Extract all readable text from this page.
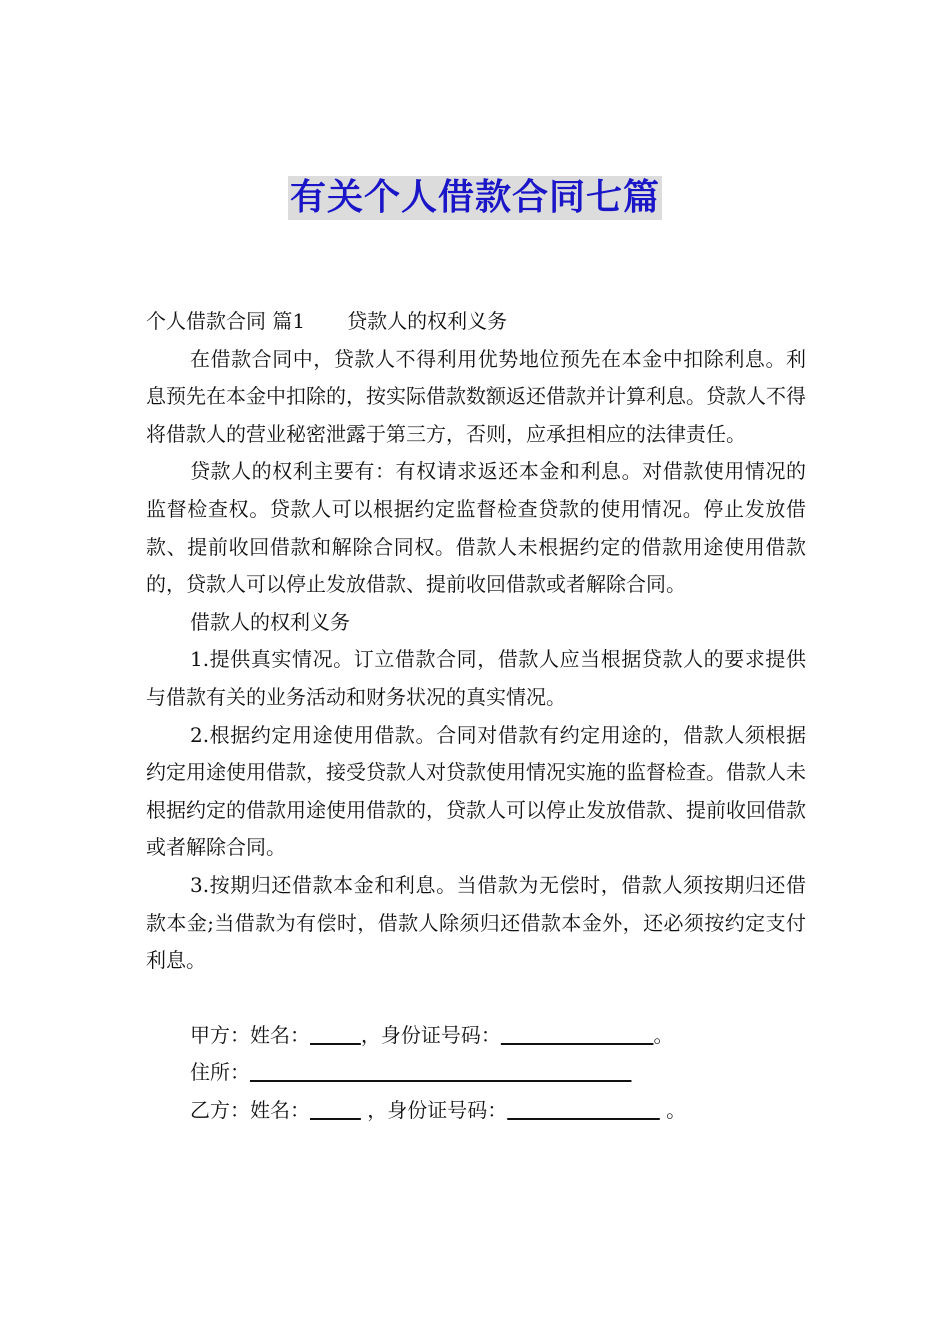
有关个人借款合同七篇

个人借款合同 篇1 贷款人的权利义务

在借款合同中，贷款人不得利用优势地位预先在本金中扣除利息。利息预先在本金中扣除的，按实际借款数额返还借款并计算利息。贷款人不得将借款人的营业秘密泄露于第三方，否则，应承担相应的法律责任。

贷款人的权利主要有：有权请求返还本金和利息。对借款使用情况的监督检查权。贷款人可以根据约定监督检查贷款的使用情况。停止发放借款、提前收回借款和解除合同权。借款人未根据约定的借款用途使用借款的，贷款人可以停止发放借款、提前收回借款或者解除合同。

借款人的权利义务

1.提供真实情况。订立借款合同，借款人应当根据贷款人的要求提供与借款有关的业务活动和财务状况的真实情况。

2.根据约定用途使用借款。合同对借款有约定用途的，借款人须根据约定用途使用借款，接受贷款人对贷款使用情况实施的监督检查。借款人未根据约定的借款用途使用借款的，贷款人可以停止发放借款、提前收回借款或者解除合同。

3.按期归还借款本金和利息。当借款为无偿时，借款人须按期归还借款本金;当借款为有偿时，借款人除须归还借款本金外，还必须按约定支付利息。

甲方：姓名：	，身份证号码：	。

住所：

乙方：姓名：	，身份证号码：	。
